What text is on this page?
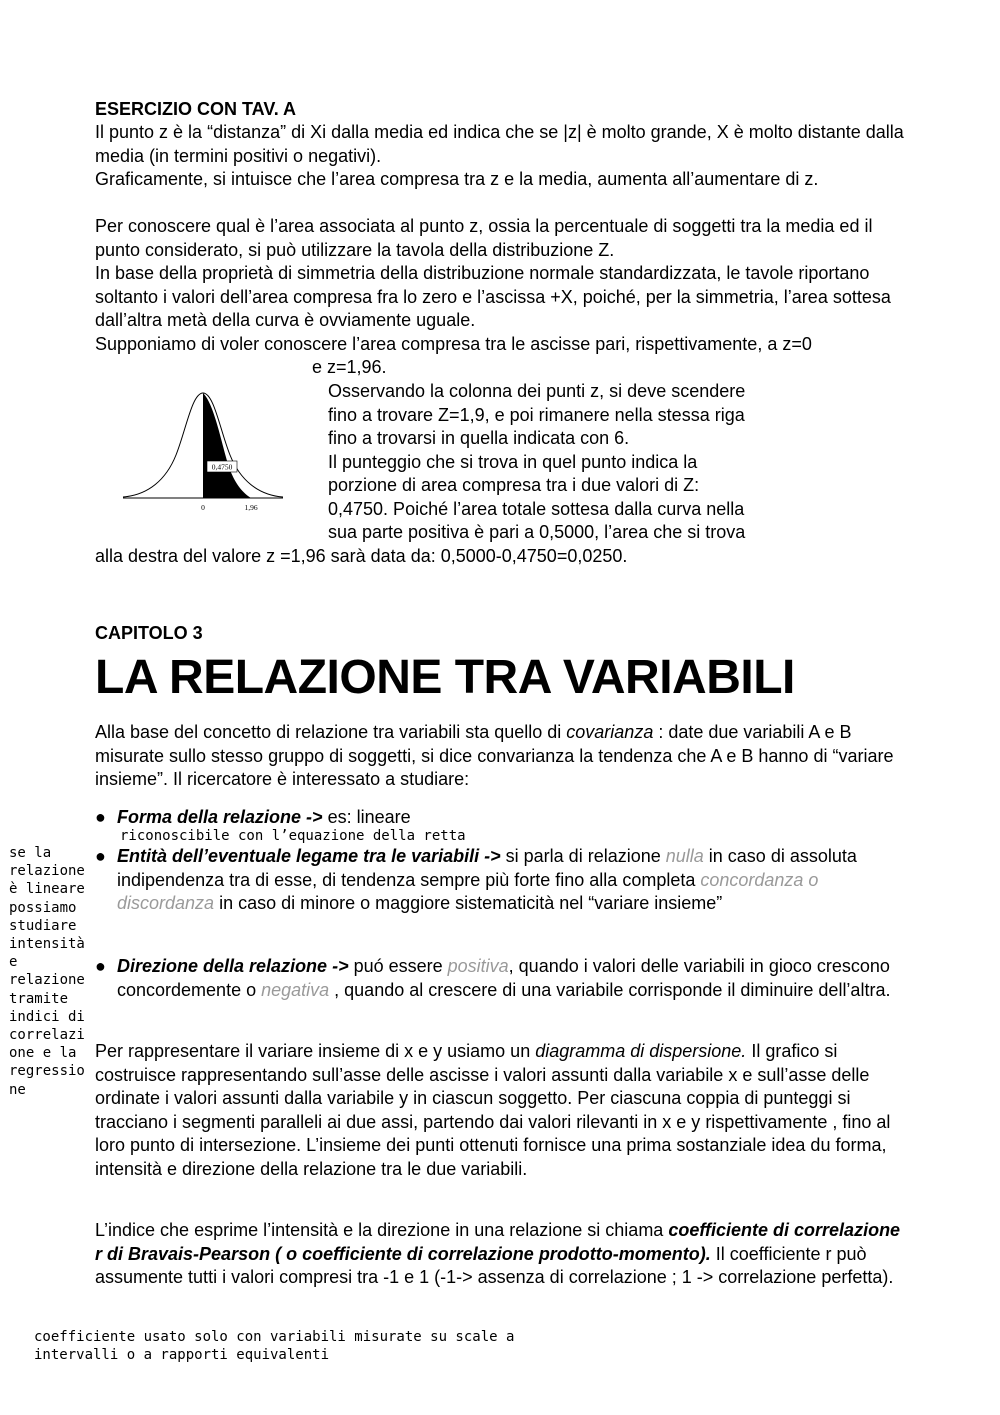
ESERCIZIO CON TAV. A
Il punto z è la “distanza” di Xi dalla media ed indica che se |z| è molto grande, X è molto distante dalla media (in termini positivi o negativi).
Graficamente, si intuisce che l’area compresa tra z e la media, aumenta all’aumentare di z.
Per conoscere qual è l’area associata al punto z, ossia la percentuale di soggetti tra la media ed il punto considerato, si può utilizzare la tavola della distribuzione Z.
In base della proprietà di simmetria della distribuzione normale standardizzata, le tavole riportano soltanto i valori dell’area compresa fra lo zero e l’ascissa +X, poiché, per la simmetria, l’area sottesa dall’altra metà della curva è ovviamente uguale.
Supponiamo di voler conoscere l’area compresa tra le ascisse pari, rispettivamente, a z=0
e z=1,96.
0,4750
0	1,96
Osservando la colonna dei punti z, si deve scendere
fino a trovare Z=1,9, e poi rimanere nella stessa riga
fino a trovarsi in quella indicata con 6.
Il punteggio che si trova in quel punto indica la
porzione di area compresa tra i due valori di Z:
0,4750. Poiché l’area totale sottesa dalla curva nella
sua parte positiva è pari a 0,5000, l’area che si trova
alla destra del valore z =1,96 sarà data da: 0,5000-0,4750=0,0250.
CAPITOLO 3
LA RELAZIONE TRA VARIABILI
Alla base del concetto di relazione tra variabili sta quello di covarianza : date due variabili A e B misurate sullo stesso gruppo di soggetti, si dice convarianza la tendenza che A e B hanno di “variare insieme”. Il ricercatore è interessato a studiare:
● Forma della relazione -> es: lineare
riconoscibile con l’equazione della retta
● Entità dell’eventuale legame tra le variabili -> si parla di relazione nulla in caso di assoluta indipendenza tra di esse, di tendenza sempre più forte fino alla completa concordanza o discordanza in caso di minore o maggiore sistematicità nel “variare insieme”
● Direzione della relazione -> puó essere positiva, quando i valori delle variabili in gioco crescono concordemente o negativa , quando al crescere di una variabile corrisponde il diminuire dell’altra.
se la
relazione
è lineare
possiamo
studiare
intensità
e
relazione
tramite
indici di
correlazi
one e la
regressio
ne
Per rappresentare il variare insieme di x e y usiamo un diagramma di dispersione. Il grafico si costruisce rappresentando sull’asse delle ascisse i valori assunti dalla variabile x e sull’asse delle ordinate i valori assunti dalla variabile y in ciascun soggetto. Per ciascuna coppia di punteggi si tracciano i segmenti paralleli ai due assi, partendo dai valori rilevanti in x e y rispettivamente , fino al loro punto di intersezione. L’insieme dei punti ottenuti fornisce una prima sostanziale idea du forma, intensità e direzione della relazione tra le due variabili.
L’indice che esprime l’intensità e la direzione in una relazione si chiama coefficiente di correlazione r di Bravais-Pearson ( o coefficiente di correlazione prodotto-momento). Il coefficiente r può assumente tutti i valori compresi tra -1 e 1 (-1-> assenza di correlazione ; 1 -> correlazione perfetta).
coefficiente usato solo con variabili misurate su scale a
intervalli o a rapporti equivalenti
